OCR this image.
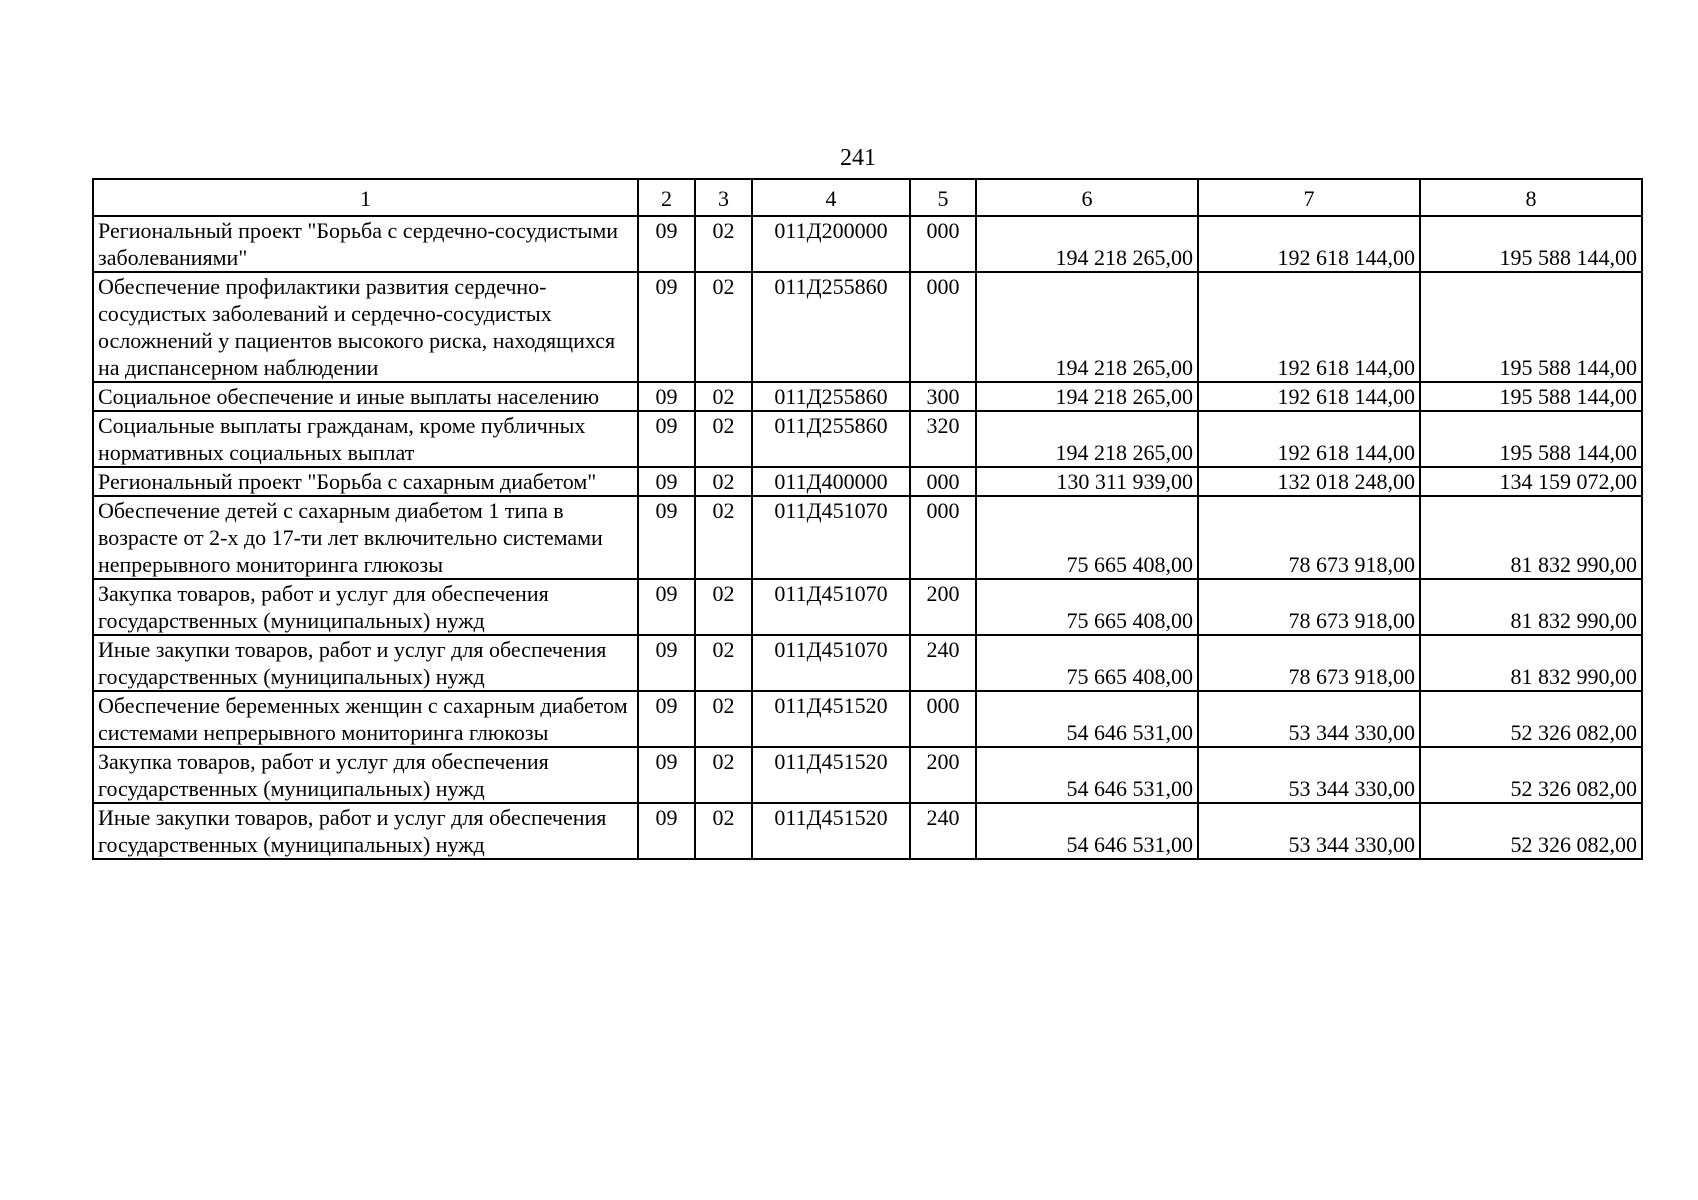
241
1	2	3	4	5	6	7	8
Региональный проект "Борьба с сердечно-сосудистыми заболеваниями"	09	02	011Д200000	000	194 218 265,00	192 618 144,00	195 588 144,00
Обеспечение профилактики развития сердечно-сосудистых заболеваний и сердечно-сосудистых осложнений у пациентов высокого риска, находящихся на диспансерном наблюдении	09	02	011Д255860	000	194 218 265,00	192 618 144,00	195 588 144,00
Социальное обеспечение и иные выплаты населению	09	02	011Д255860	300	194 218 265,00	192 618 144,00	195 588 144,00
Социальные выплаты гражданам, кроме публичных нормативных социальных выплат	09	02	011Д255860	320	194 218 265,00	192 618 144,00	195 588 144,00
Региональный проект "Борьба с сахарным диабетом"	09	02	011Д400000	000	130 311 939,00	132 018 248,00	134 159 072,00
Обеспечение детей с сахарным диабетом 1 типа в возрасте от 2-х до 17-ти лет включительно системами непрерывного мониторинга глюкозы	09	02	011Д451070	000	75 665 408,00	78 673 918,00	81 832 990,00
Закупка товаров, работ и услуг для обеспечения государственных (муниципальных) нужд	09	02	011Д451070	200	75 665 408,00	78 673 918,00	81 832 990,00
Иные закупки товаров, работ и услуг для обеспечения государственных (муниципальных) нужд	09	02	011Д451070	240	75 665 408,00	78 673 918,00	81 832 990,00
Обеспечение беременных женщин с сахарным диабетом системами непрерывного мониторинга глюкозы	09	02	011Д451520	000	54 646 531,00	53 344 330,00	52 326 082,00
Закупка товаров, работ и услуг для обеспечения государственных (муниципальных) нужд	09	02	011Д451520	200	54 646 531,00	53 344 330,00	52 326 082,00
Иные закупки товаров, работ и услуг для обеспечения государственных (муниципальных) нужд	09	02	011Д451520	240	54 646 531,00	53 344 330,00	52 326 082,00
